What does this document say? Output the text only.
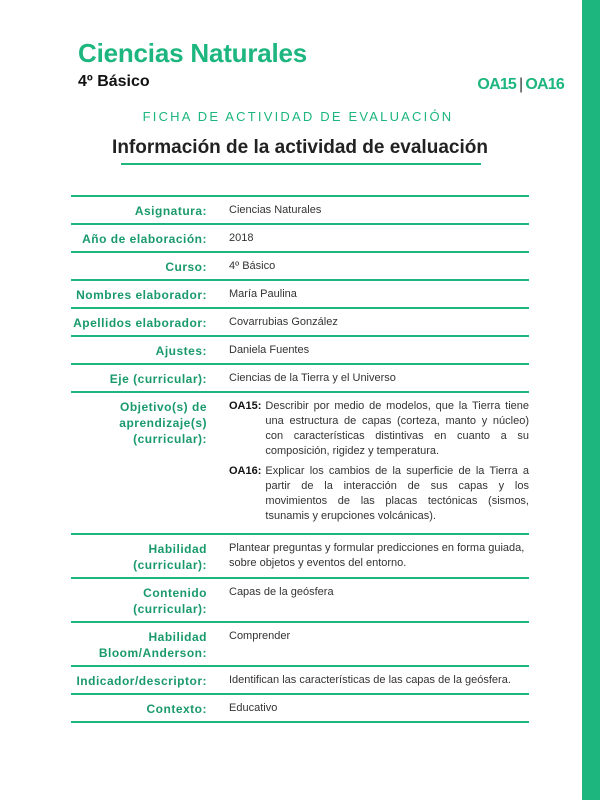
Ciencias Naturales
4º Básico	OA15 | OA16
FICHA DE ACTIVIDAD DE EVALUACIÓN
Información de la actividad de evaluación
Asignatura:	Ciencias Naturales
Año de elaboración:	2018
Curso:	4º Básico
Nombres elaborador:	María Paulina
Apellidos elaborador:	Covarrubias González
Ajustes:	Daniela Fuentes
Eje (curricular):	Ciencias de la Tierra y el Universo
Objetivo(s) de aprendizaje(s) (curricular):	OA15: Describir por medio de modelos, que la Tierra tiene una estructura de capas (corteza, manto y núcleo) con características distintivas en cuanto a su composición, rigidez y temperatura.
OA16: Explicar los cambios de la superficie de la Tierra a partir de la interacción de sus capas y los movimientos de las placas tectónicas (sismos, tsunamis y erupciones volcánicas).

Habilidad (curricular):	Plantear preguntas y formular predicciones en forma guiada, sobre objetos y eventos del entorno.
Contenido (curricular):	Capas de la geósfera
Habilidad Bloom/Anderson:	Comprender
Indicador/descriptor:	Identifican las características de las capas de la geósfera.
Contexto:	Educativo
